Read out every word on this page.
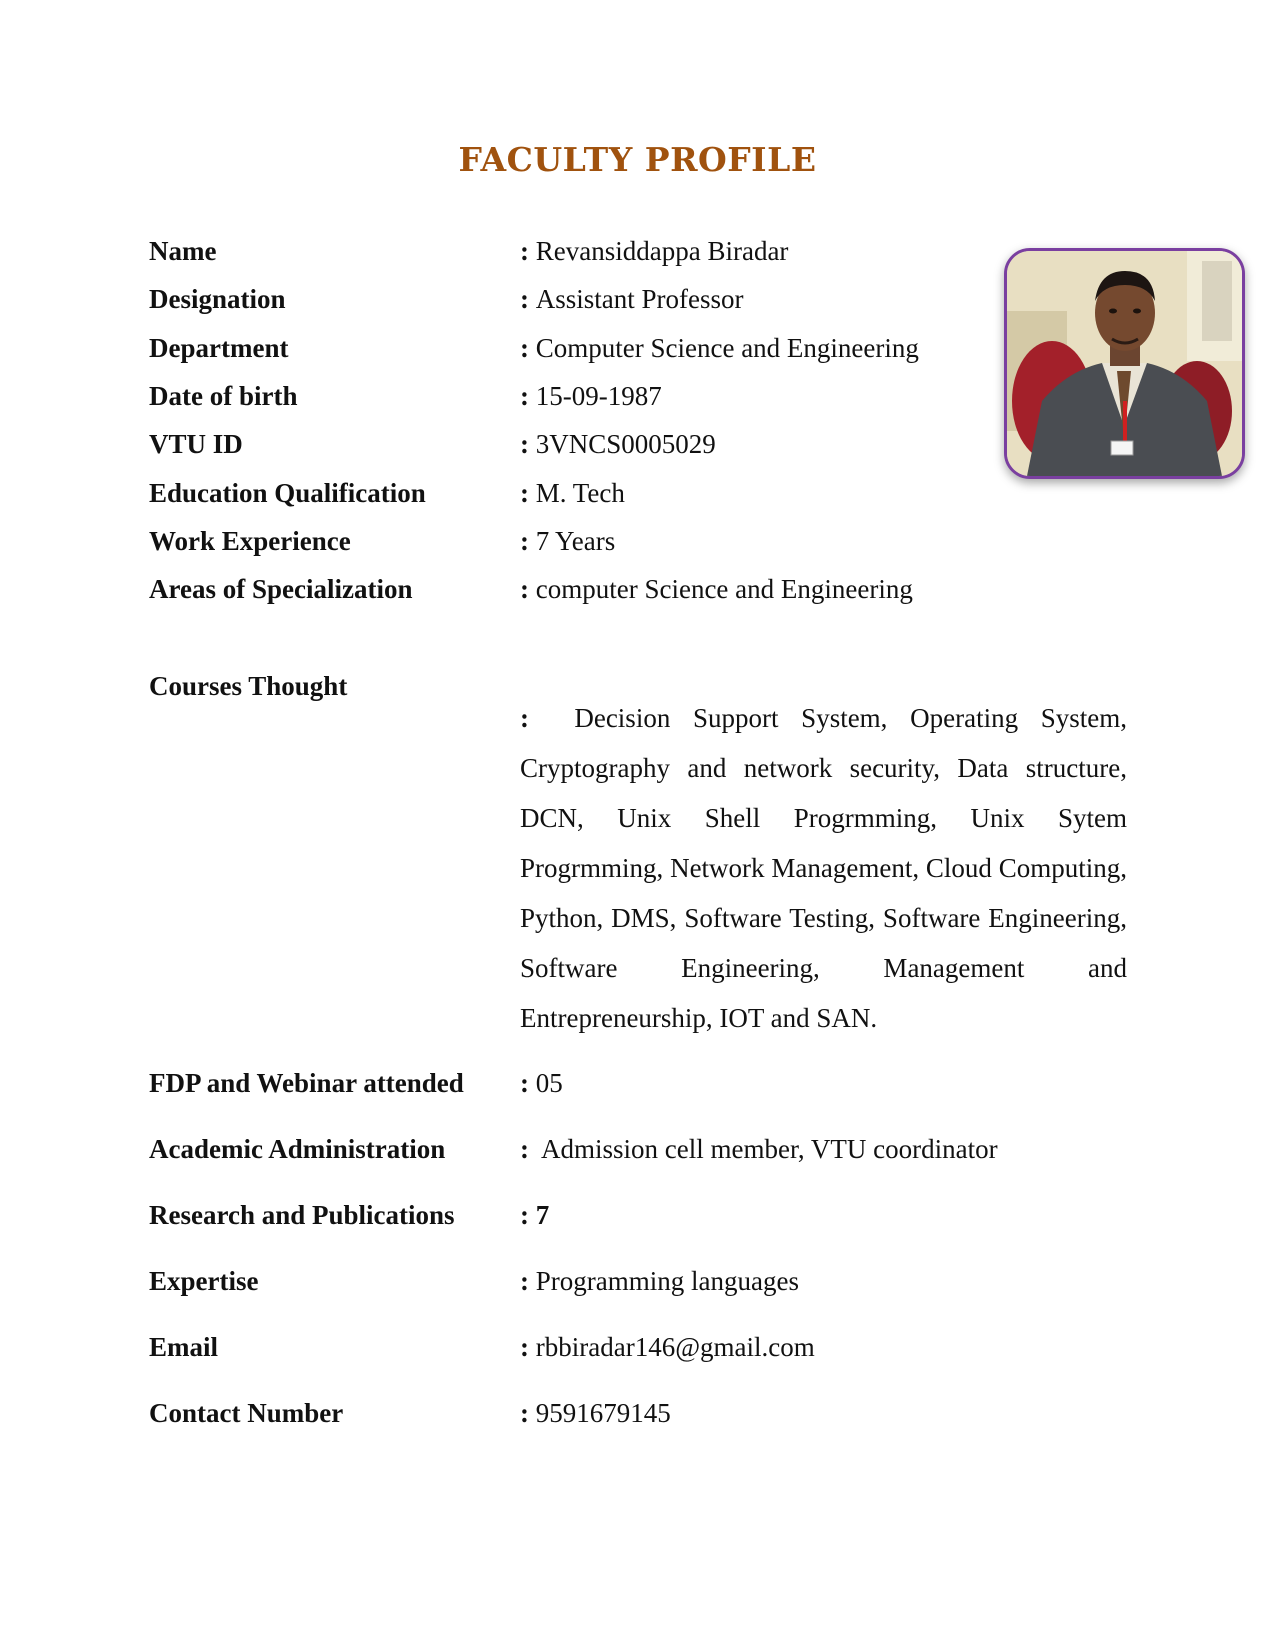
FACULTY PROFILE
Name	: Revansiddappa Biradar
Designation	: Assistant Professor
Department	: Computer Science and Engineering
Date of birth	: 15-09-1987
VTU ID	: 3VNCS0005029
Education Qualification	: M. Tech
Work Experience	: 7 Years
Areas of Specialization	: computer Science and Engineering
Courses Thought
:  Decision Support System, Operating System, Cryptography and network security, Data structure, DCN, Unix Shell Progrmming, Unix Sytem Progrmming, Network Management, Cloud Computing, Python, DMS, Software Testing, Software Engineering, Software Engineering, Management and Entrepreneurship, IOT and SAN.
FDP and Webinar attended : 05
Academic Administration	:  Admission cell member, VTU coordinator
Research and Publications : 7
Expertise	: Programming languages
Email	: rbbiradar146@gmail.com
Contact Number	: 9591679145
